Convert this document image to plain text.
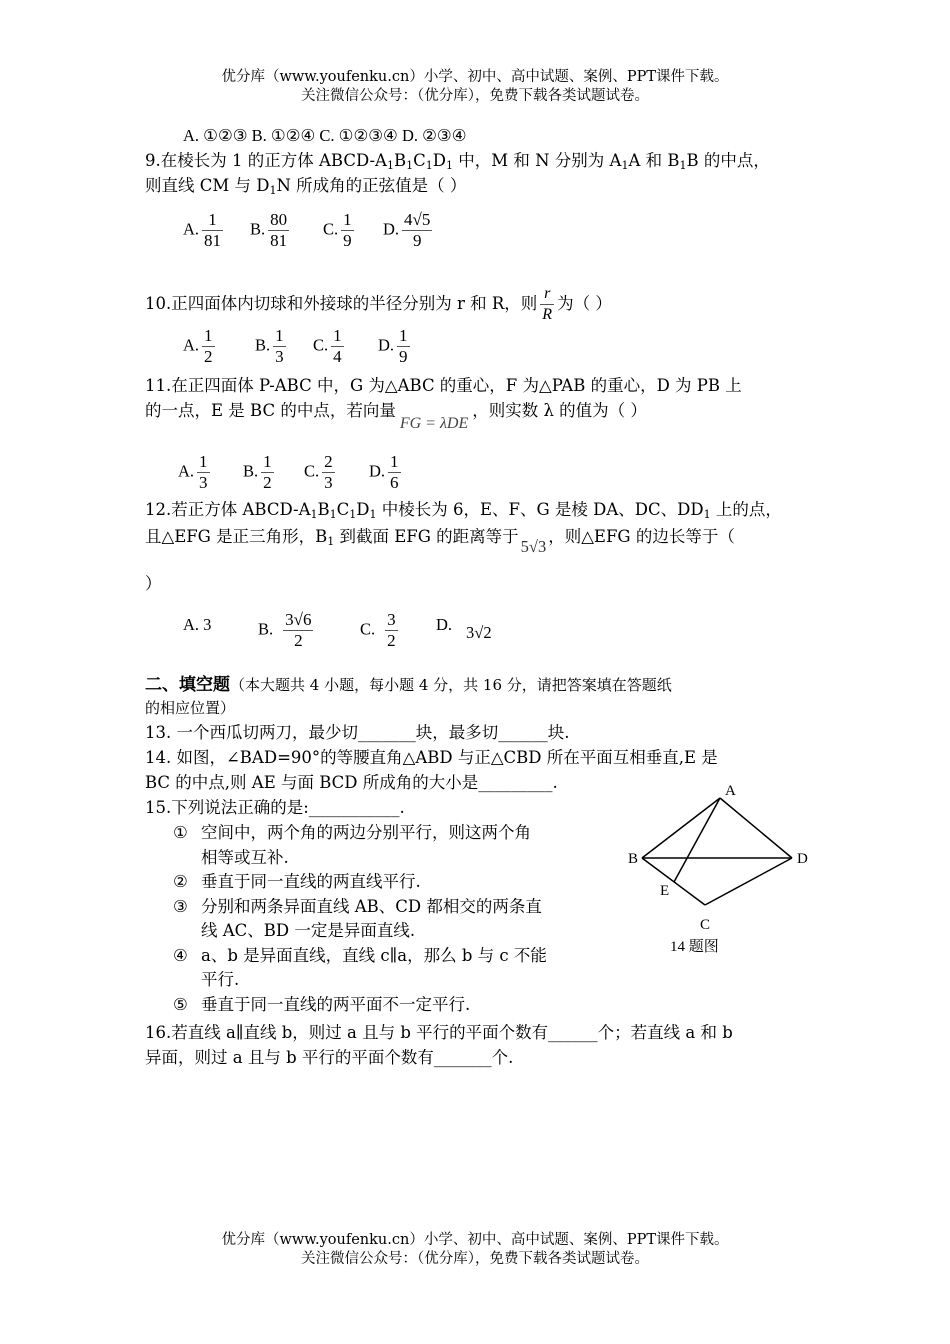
优分库（www.youfenku.cn）小学、初中、高中试题、案例、PPT课件下载。
关注微信公众号：（优分库），免费下载各类试题试卷。
A. ①②③ B. ①②④ C. ①②③④ D. ②③④
9.在棱长为 1 的正方体 ABCD-$A_1B_1C_1D_1$ 中，M 和 N 分别为 $A_1A$ 和 $B_1B$ 的中点，
则直线 CM 与 $D_1N$ 所成角的正弦值是（ ）
A. $\frac{1}{81} B$. $\frac{80}{81} C$. $\frac{1}{9} D$. $\frac{4√5}{9}$
10.正四面体内切球和外接球的半径分别为 r 和 R，则 $\frac{r}{R}$ 为（ ）
A. $\frac{1}{2} B$. $\frac{1}{3} C$. $\frac{1}{4} D$. $\frac{1}{9}$
11.在正四面体 P-ABC 中，G 为△ABC 的重心，F 为△PAB 的重心，D 为 PB 上
的一点，E 是 BC 的中点，若向量FG = λDE，则实数 λ 的值为（ ）
A. $\frac{1}{3} B$. $\frac{1}{2} C$. $\frac{2}{3} D$. $\frac{1}{6}$
12.若正方体 ABCD-$A_1B_1C_1D_1$ 中棱长为 6，E、F、G 是棱 DA、DC、$DD_1$ 上的点，
且△EFG 是正三角形，$B_1$ 到截面 EFG 的距离等于5√3，则△EFG 的边长等于（
）
A. 3	B. $\frac{3√6}{2}$	C. $\frac{3}{2} D$. 3√2
二、填空题（本大题共 4 小题，每小题 4 分，共 16 分，请把答案填在答题纸
的相应位置）
13. 一个西瓜切两刀，最少切_______块，最多切______块.
14. 如图，∠BAD=90°的等腰直角△ABD 与正△CBD 所在平面互相垂直,E 是
BC 的中点,则 AE 与面 BCD 所成角的大小是_________.
15.下列说法正确的是:___________.
① 空间中，两个角的两边分别平行，则这两个角
相等或互补.
② 垂直于同一直线的两直线平行.
③ 分别和两条异面直线 AB、CD 都相交的两条直
线 AC、BD 一定是异面直线.
④ a、b 是异面直线，直线 c∥a，那么 b 与 c 不能
平行.
⑤ 垂直于同一直线的两平面不一定平行.
16.若直线 a∥直线 b，则过 a 且与 b 平行的平面个数有______个；若直线 a 和 b
异面，则过 a 且与 b 平行的平面个数有_______个.
A
B	D
E
C
14 题图
优分库（www.youfenku.cn）小学、初中、高中试题、案例、PPT课件下载。
关注微信公众号：（优分库），免费下载各类试题试卷。
